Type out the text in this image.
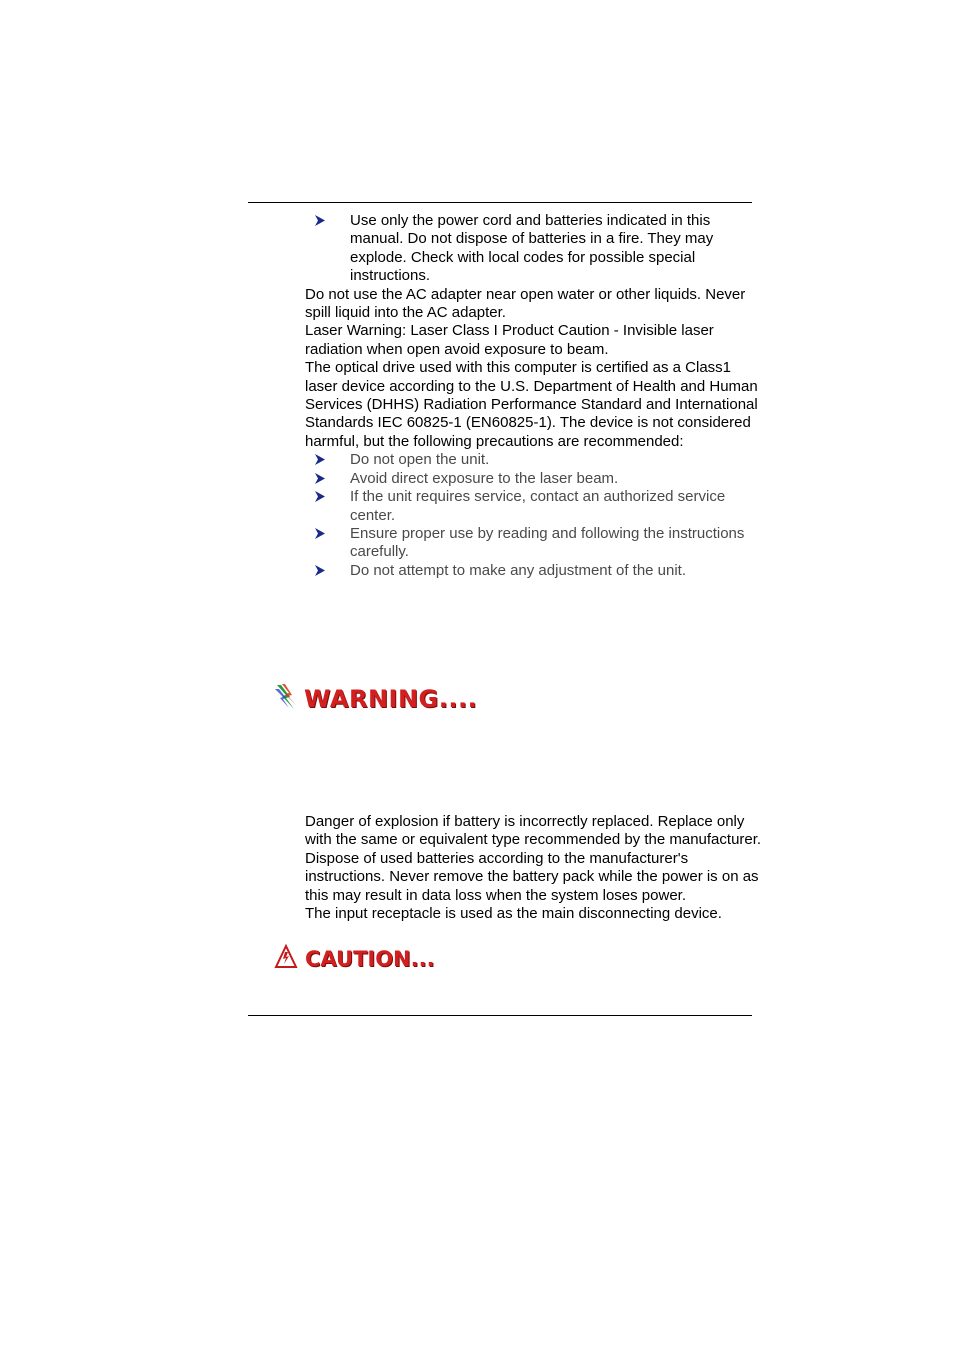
Use only the power cord and batteries indicated in this manual. Do not dispose of batteries in a fire. They may explode. Check with local codes for possible special instructions.

Do not use the AC adapter near open water or other liquids. Never spill liquid into the AC adapter.

Laser Warning: Laser Class I Product Caution - Invisible laser radiation when open avoid exposure to beam.

The optical drive used with this computer is certified as a Class1 laser device according to the U.S. Department of Health and Human Services (DHHS) Radiation Performance Standard and International Standards IEC 60825-1 (EN60825-1). The device is not considered harmful, but the following precautions are recommended:

Do not open the unit.
Avoid direct exposure to the laser beam.
If the unit requires service, contact an authorized service center.
Ensure proper use by reading and following the instructions carefully.
Do not attempt to make any adjustment of the unit.
WARNING....
Danger of explosion if battery is incorrectly replaced. Replace only with the same or equivalent type recommended by the manufacturer. Dispose of used batteries according to the manufacturer's instructions. Never remove the battery pack while the power is on as this may result in data loss when the system loses power.
The input receptacle is used as the main disconnecting device.
CAUTION...
